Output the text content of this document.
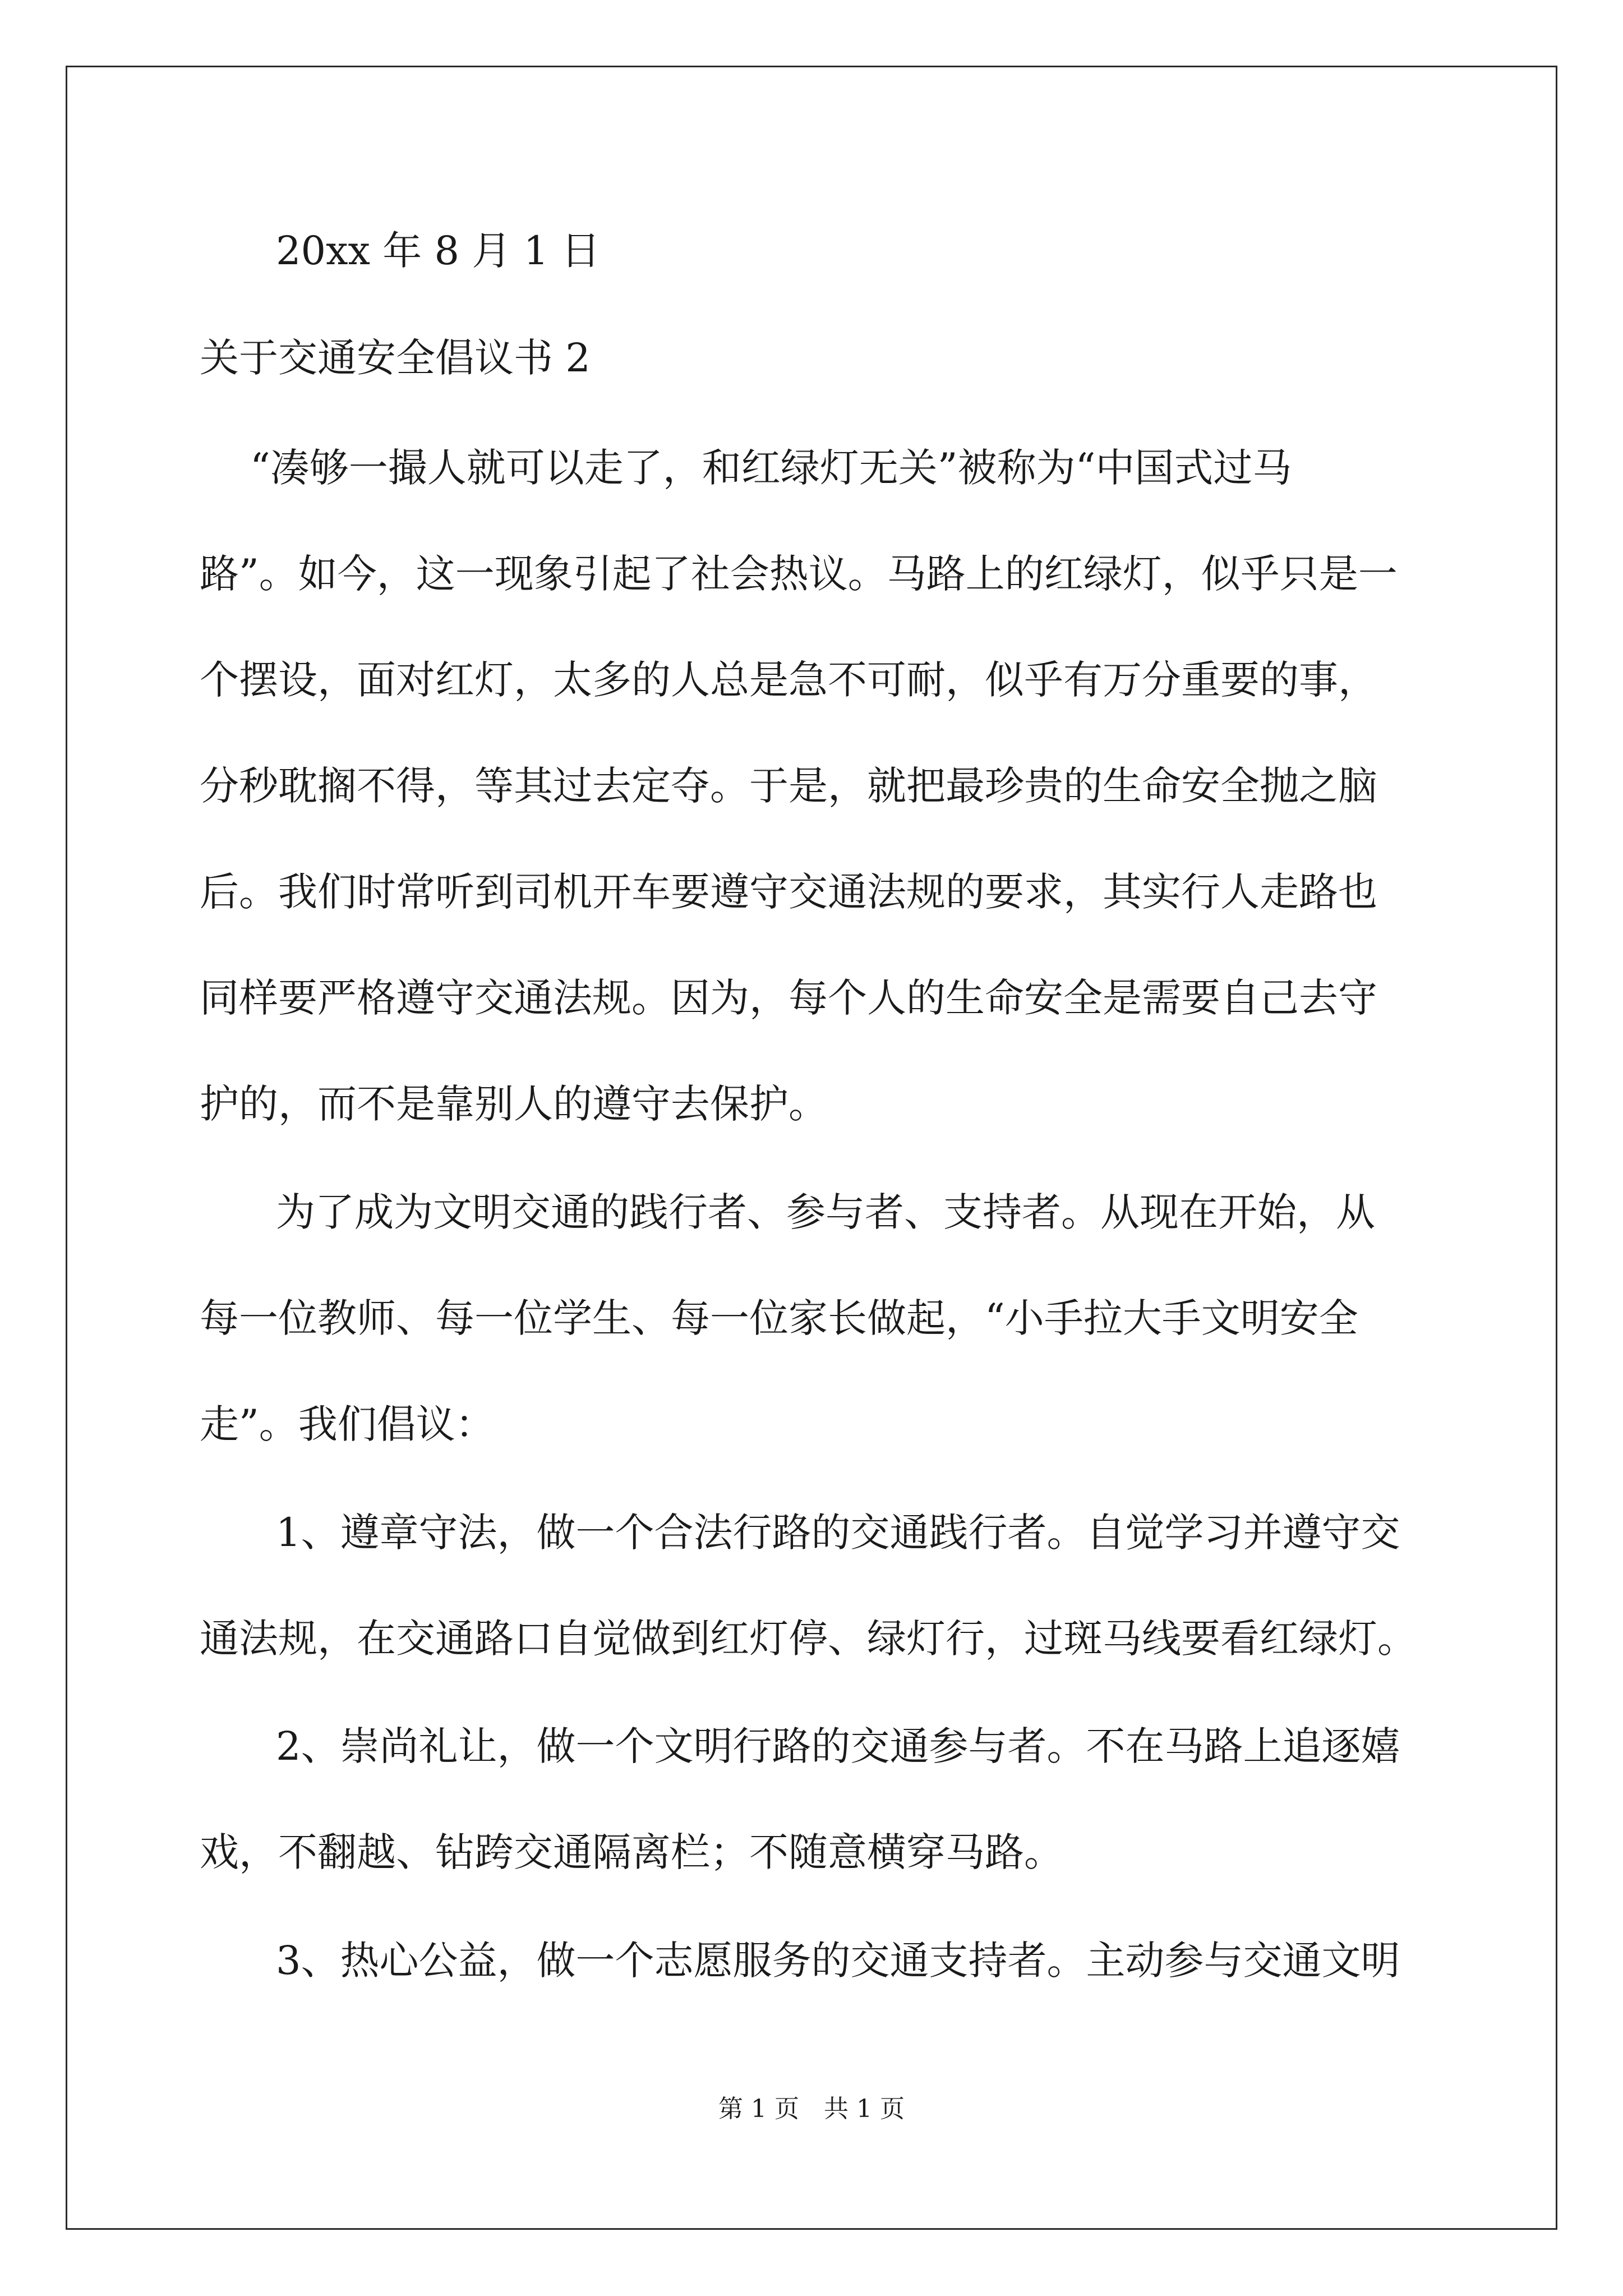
20xx 年 8 月 1 日
关于交通安全倡议书 2
“凑够一撮人就可以走了，和红绿灯无关”被称为“中国式过马
路”。如今，这一现象引起了社会热议。马路上的红绿灯，似乎只是一
个摆设，面对红灯，太多的人总是急不可耐，似乎有万分重要的事，
分秒耽搁不得，等其过去定夺。于是，就把最珍贵的生命安全抛之脑
后。我们时常听到司机开车要遵守交通法规的要求，其实行人走路也
同样要严格遵守交通法规。因为，每个人的生命安全是需要自己去守
护的，而不是靠别人的遵守去保护。
为了成为文明交通的践行者、参与者、支持者。从现在开始，从
每一位教师、每一位学生、每一位家长做起，“小手拉大手文明安全
走”。我们倡议：
1、遵章守法，做一个合法行路的交通践行者。自觉学习并遵守交
通法规，在交通路口自觉做到红灯停、绿灯行，过斑马线要看红绿灯。
2、崇尚礼让，做一个文明行路的交通参与者。不在马路上追逐嬉
戏，不翻越、钻跨交通隔离栏；不随意横穿马路。
3、热心公益，做一个志愿服务的交通支持者。主动参与交通文明
第 1 页　共 1 页
